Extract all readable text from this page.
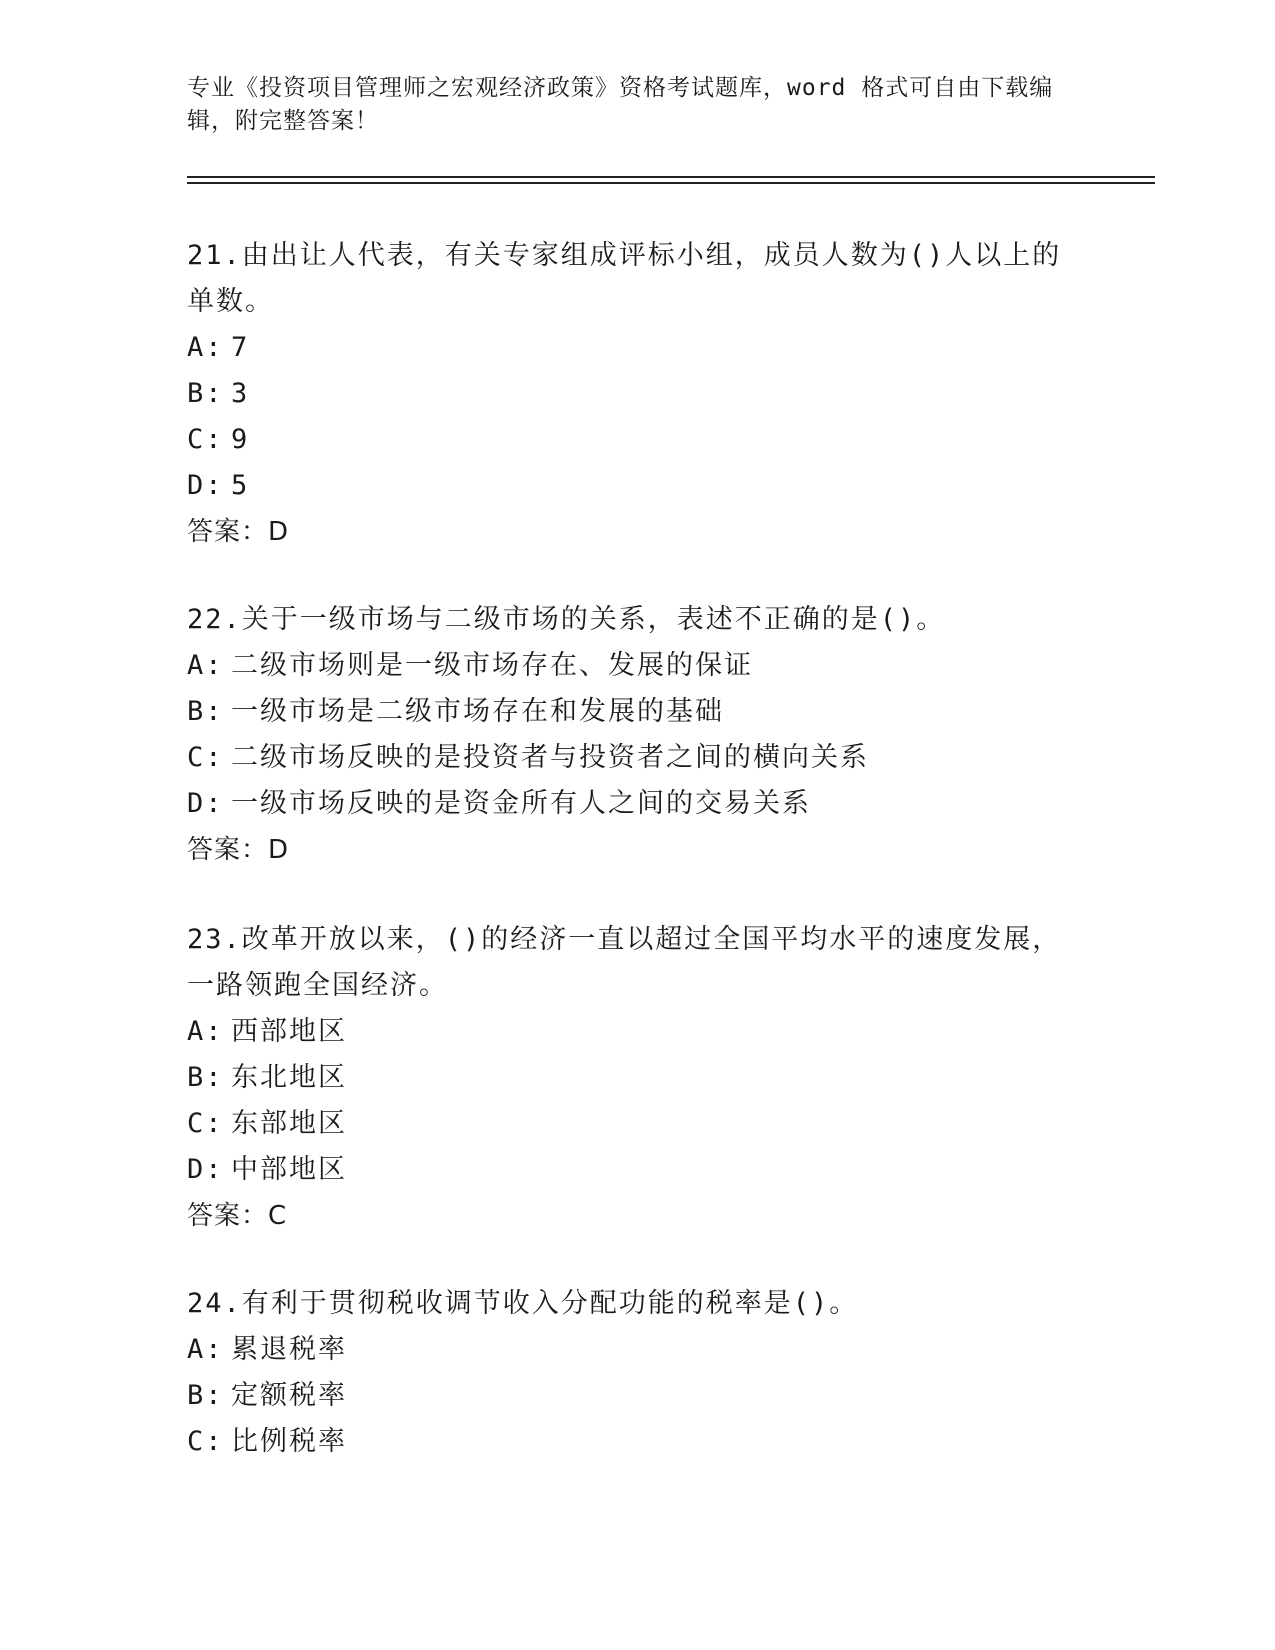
专业《投资项目管理师之宏观经济政策》资格考试题库，word 格式可自由下载编辑，附完整答案！
21.由出让人代表，有关专家组成评标小组，成员人数为()人以上的单数。
A: 7
B: 3
C: 9
D: 5
答案：D
22.关于一级市场与二级市场的关系，表述不正确的是()。
A: 二级市场则是一级市场存在、发展的保证
B: 一级市场是二级市场存在和发展的基础
C: 二级市场反映的是投资者与投资者之间的横向关系
D: 一级市场反映的是资金所有人之间的交易关系
答案：D
23.改革开放以来，()的经济一直以超过全国平均水平的速度发展，一路领跑全国经济。
A: 西部地区
B: 东北地区
C: 东部地区
D: 中部地区
答案：C
24.有利于贯彻税收调节收入分配功能的税率是()。
A: 累退税率
B: 定额税率
C: 比例税率
